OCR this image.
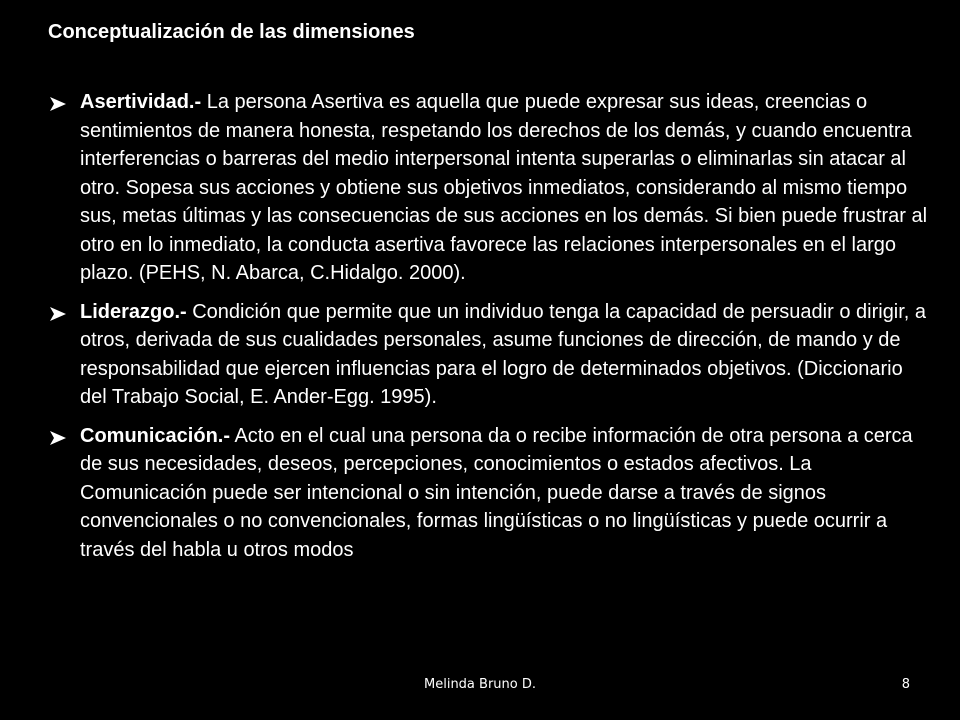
Conceptualización de las dimensiones
Asertividad.- La persona Asertiva es aquella que puede expresar sus ideas, creencias o sentimientos de manera honesta, respetando los derechos de los demás, y cuando encuentra interferencias o barreras del medio interpersonal intenta superarlas o eliminarlas sin atacar al otro. Sopesa sus acciones y obtiene sus objetivos inmediatos, considerando al mismo tiempo sus, metas últimas y las consecuencias de sus acciones en los demás. Si bien puede frustrar al otro en lo inmediato, la conducta asertiva favorece las relaciones interpersonales en el largo plazo. (PEHS, N. Abarca, C.Hidalgo. 2000).
Liderazgo.- Condición que permite que un individuo tenga la capacidad de persuadir o dirigir, a otros, derivada de sus cualidades personales, asume funciones de dirección, de mando y de responsabilidad que ejercen influencias para el logro de determinados objetivos. (Diccionario del Trabajo Social, E. Ander-Egg. 1995).
Comunicación.- Acto en el cual una persona da o recibe información de otra persona a cerca de sus necesidades, deseos, percepciones, conocimientos o estados afectivos. La Comunicación puede ser intencional o sin intención, puede darse a través de signos convencionales o no convencionales, formas lingüísticas o no lingüísticas y puede ocurrir a través del habla u otros modos
Melinda Bruno D.	8
